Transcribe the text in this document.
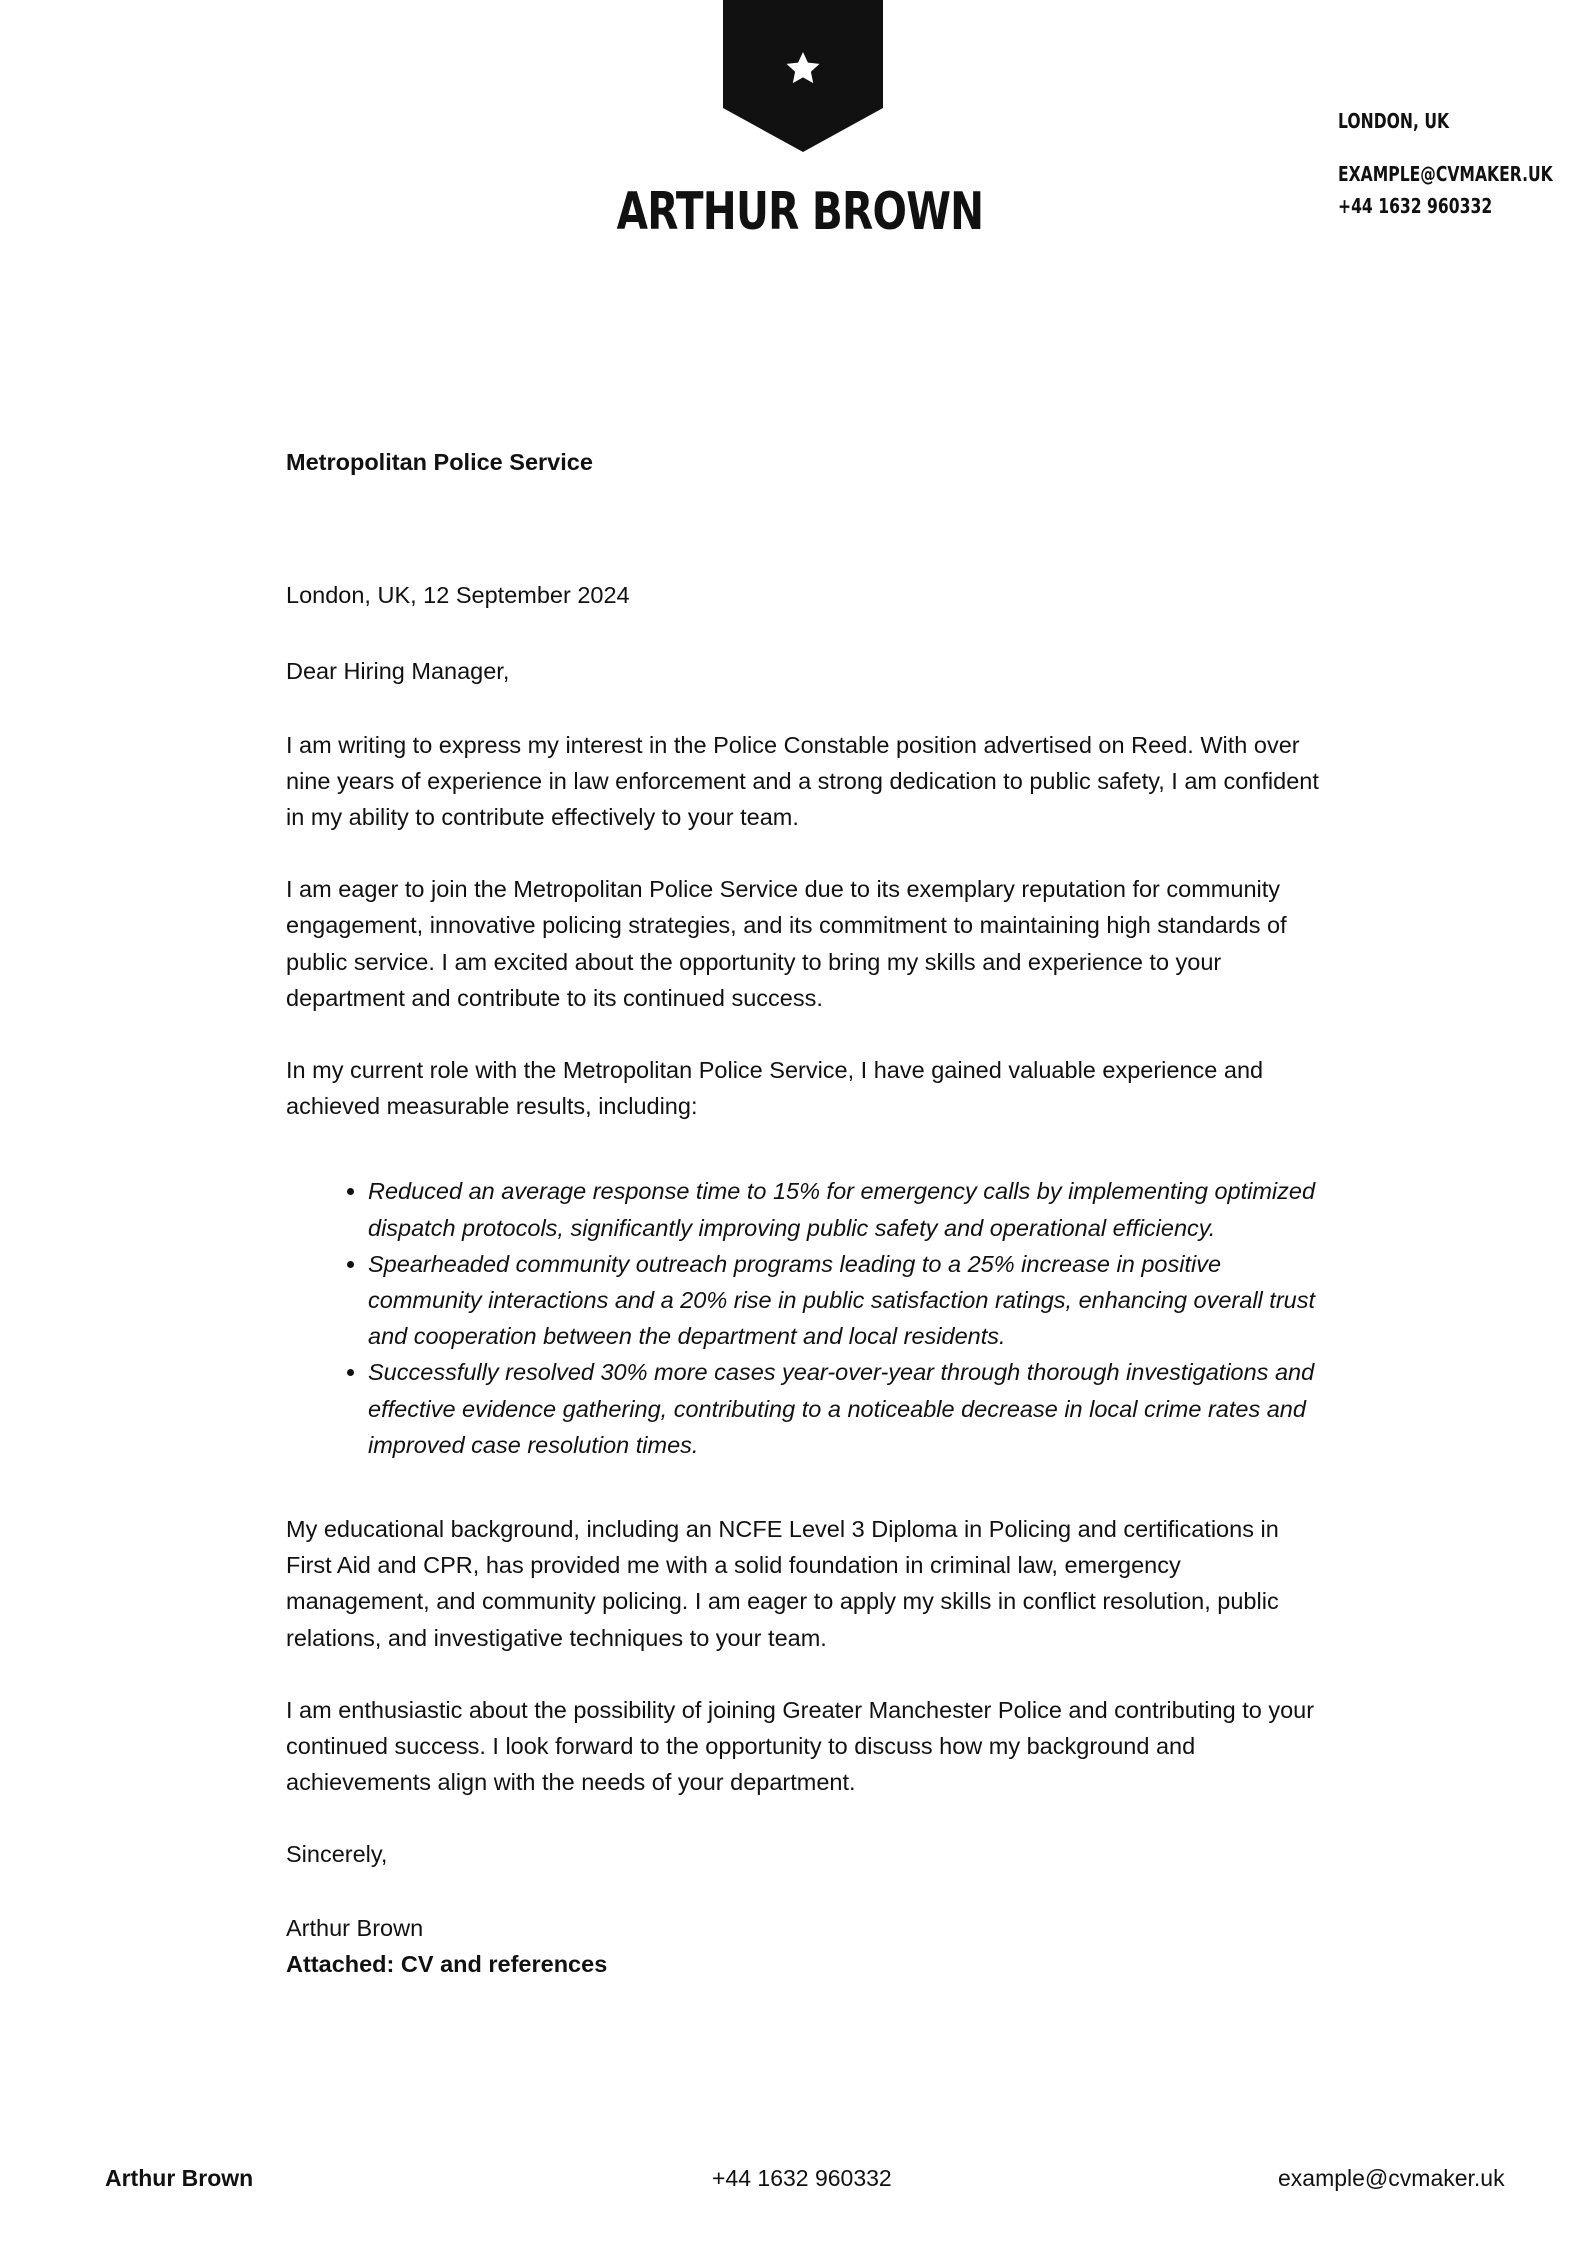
ARTHUR BROWN
LONDON, UK
EXAMPLE@CVMAKER.UK
+44 1632 960332

Metropolitan Police Service

London, UK, 12 September 2024

Dear Hiring Manager,

I am writing to express my interest in the Police Constable position advertised on Reed. With over nine years of experience in law enforcement and a strong dedication to public safety, I am confident in my ability to contribute effectively to your team.

I am eager to join the Metropolitan Police Service due to its exemplary reputation for community engagement, innovative policing strategies, and its commitment to maintaining high standards of public service. I am excited about the opportunity to bring my skills and experience to your department and contribute to its continued success.

In my current role with the Metropolitan Police Service, I have gained valuable experience and achieved measurable results, including:

• Reduced an average response time to 15% for emergency calls by implementing optimized dispatch protocols, significantly improving public safety and operational efficiency.
• Spearheaded community outreach programs leading to a 25% increase in positive community interactions and a 20% rise in public satisfaction ratings, enhancing overall trust and cooperation between the department and local residents.
• Successfully resolved 30% more cases year-over-year through thorough investigations and effective evidence gathering, contributing to a noticeable decrease in local crime rates and improved case resolution times.

My educational background, including an NCFE Level 3 Diploma in Policing and certifications in First Aid and CPR, has provided me with a solid foundation in criminal law, emergency management, and community policing. I am eager to apply my skills in conflict resolution, public relations, and investigative techniques to your team.

I am enthusiastic about the possibility of joining Greater Manchester Police and contributing to your continued success. I look forward to the opportunity to discuss how my background and achievements align with the needs of your department.

Sincerely,

Arthur Brown

Attached: CV and references

Arthur Brown	+44 1632 960332	example@cvmaker.uk
